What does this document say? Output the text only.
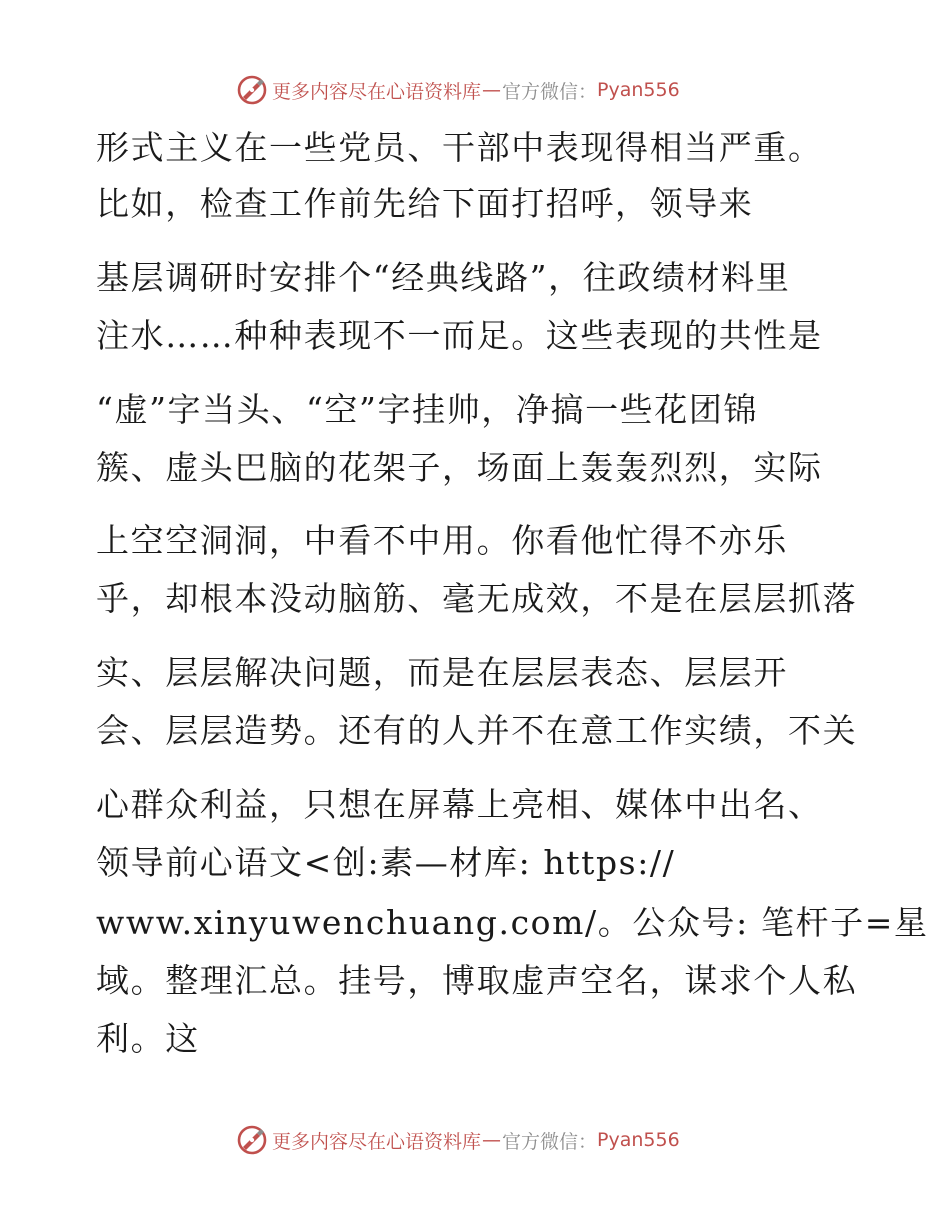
更多内容尽在心语资料库 — 官方微信： Pyan556
形式主义在一些党员、干部中表现得相当严重。
比如，检查工作前先给下面打招呼，领导来
基层调研时安排个“经典线路”，往政绩材料里
注水……种种表现不一而足。这些表现的共性是
“虚”字当头、“空”字挂帅，净搞一些花团锦
簇、虚头巴脑的花架子，场面上轰轰烈烈，实际
上空空洞洞，中看不中用。你看他忙得不亦乐
乎，却根本没动脑筋、毫无成效，不是在层层抓落
实、层层解决问题，而是在层层表态、层层开
会、层层造势。还有的人并不在意工作实绩，不关
心群众利益，只想在屏幕上亮相、媒体中出名、
领导前心语文<创:素—材库: https://
www.xinyuwenchuang.com/。公众号: 笔杆子=星
域。整理汇总。挂号，博取虚声空名，谋求个人私
利。这
更多内容尽在心语资料库 — 官方微信： Pyan556
